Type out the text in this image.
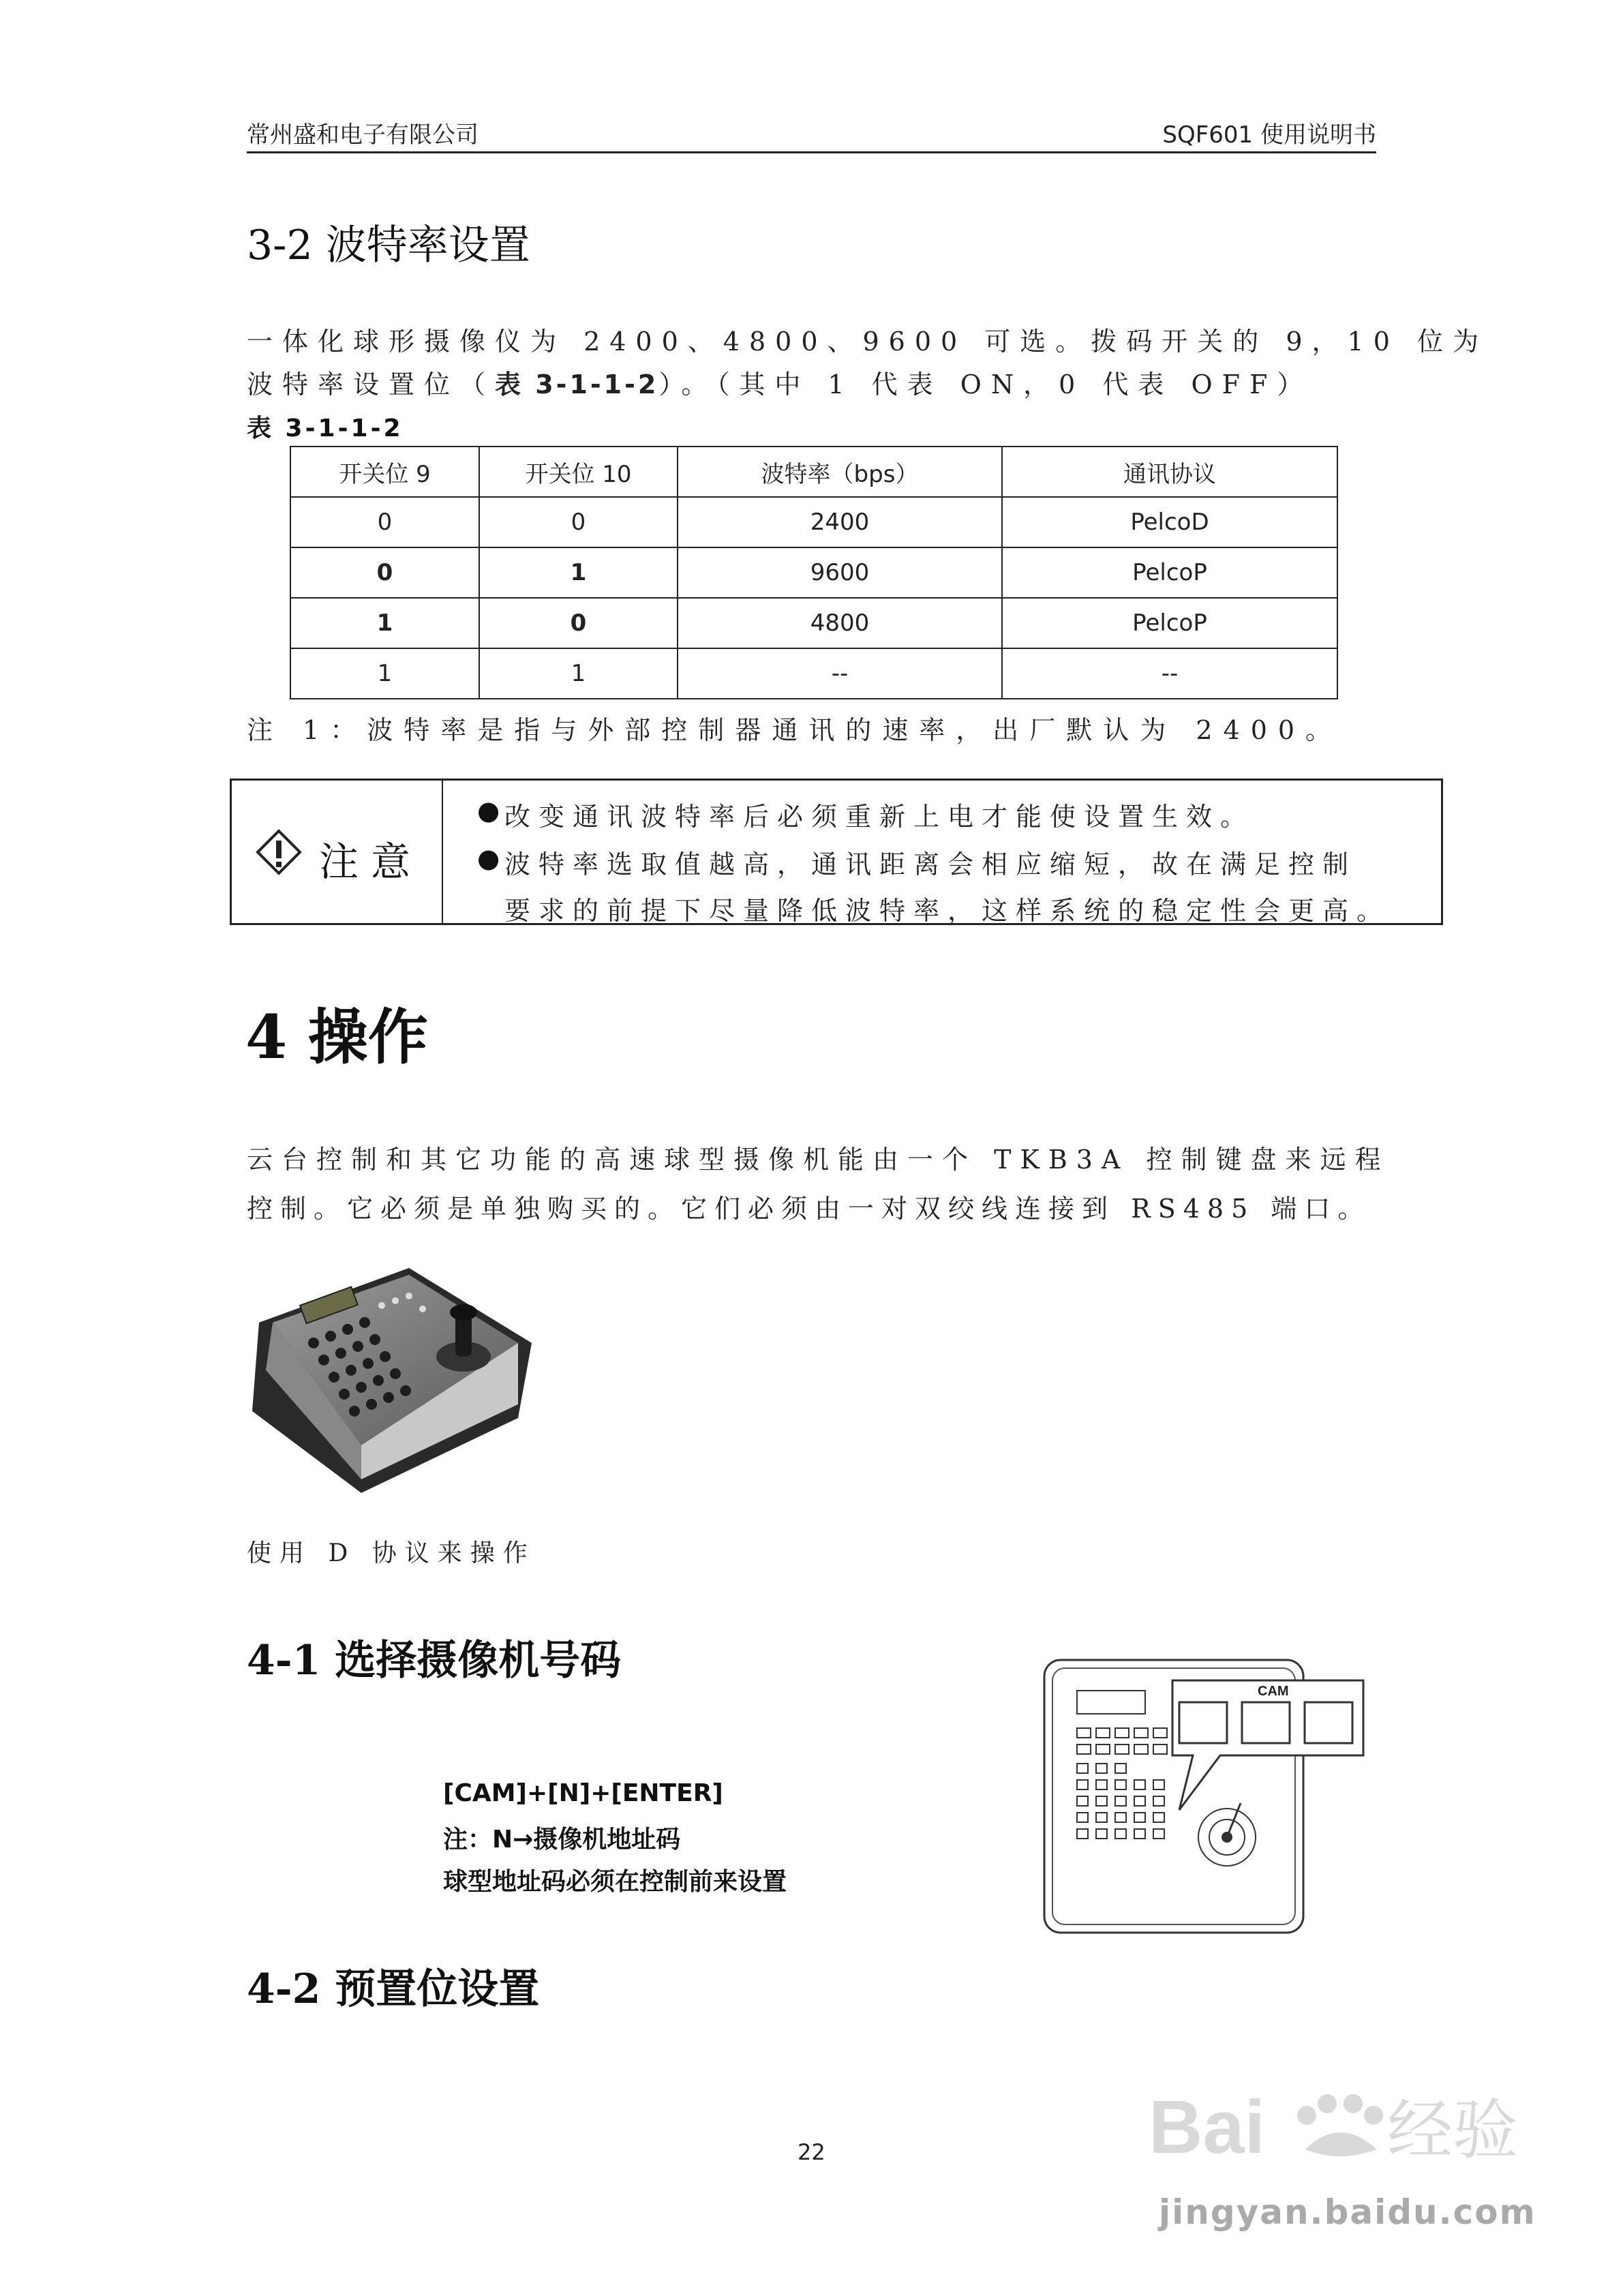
常州盛和电子有限公司	SQF601 使用说明书
3-2 波特率设置
一体化球形摄像仪为 2400、4800、9600 可选。拨码开关的 9，10 位为
波特率设置位（表 3-1-1-2）。（其中 1 代表 ON，0 代表 OFF）
表 3-1-1-2
开关位 9	开关位 10	波特率（bps）	通讯协议
0	0	2400	PelcoD
0	1	9600	PelcoP
1	0	4800	PelcoP
1	1	--	--
注 1：波特率是指与外部控制器通讯的速率，出厂默认为 2400。
注意
● 改变通讯波特率后必须重新上电才能使设置生效。
● 波特率选取值越高，通讯距离会相应缩短，故在满足控制
要求的前提下尽量降低波特率，这样系统的稳定性会更高。
4 操作
云台控制和其它功能的高速球型摄像机能由一个 TKB3A 控制键盘来远程
控制。它必须是单独购买的。它们必须由一对双绞线连接到 RS485 端口。
使用 D 协议来操作
4-1 选择摄像机号码
[CAM]+[N]+[ENTER]
注：N→摄像机地址码
球型地址码必须在控制前来设置
CAM
4-2 预置位设置
22	Bai 经验
jingyan.baidu.com
